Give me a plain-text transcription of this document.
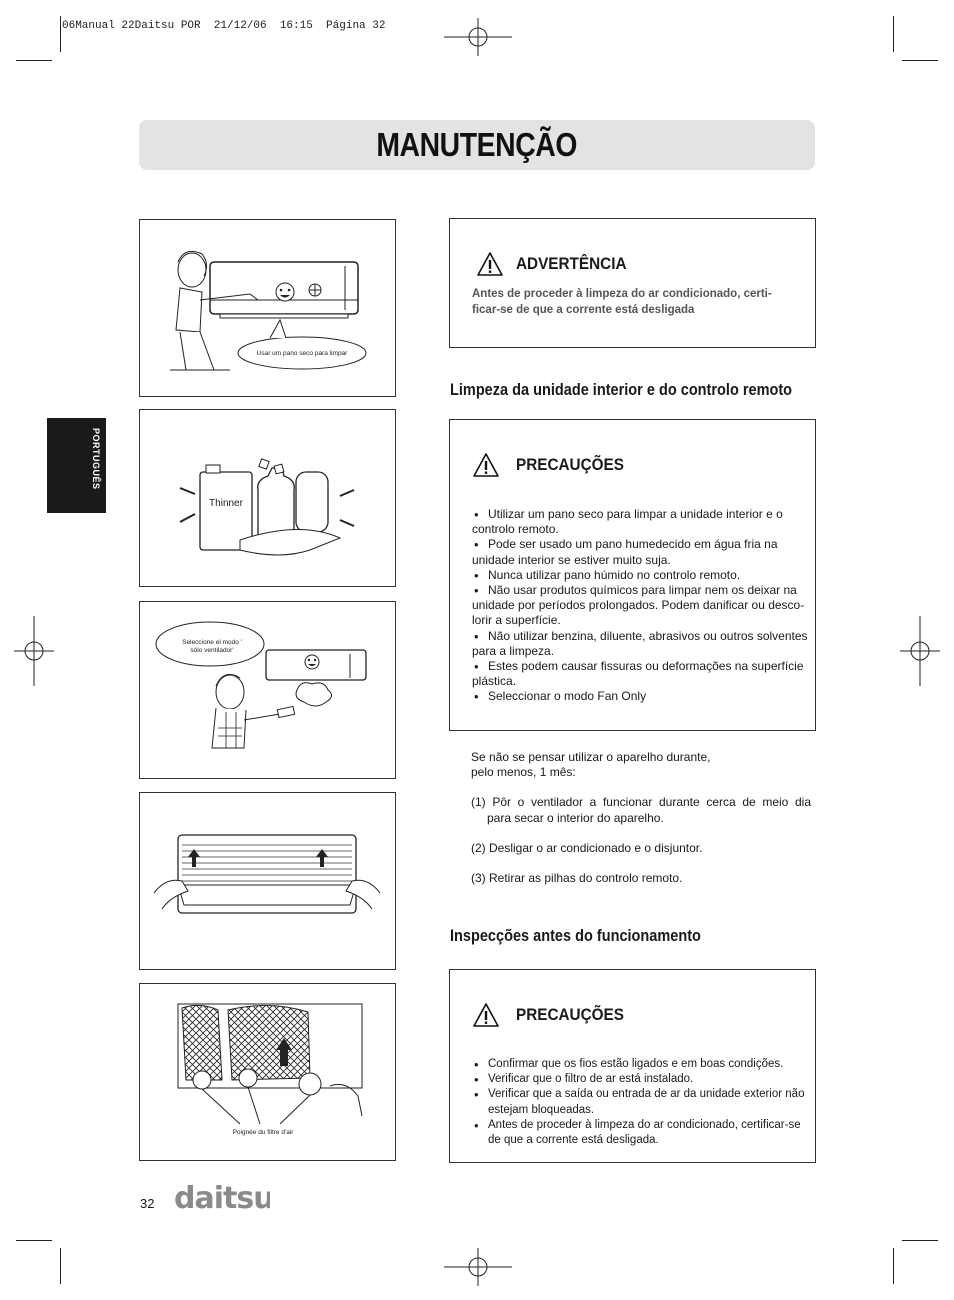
06Manual 22Daitsu POR  21/12/06  16:15  Página 32
MANUTENÇÃO
PORTUGUÊS
Usar um pano seco para limpar
Thinner
Seleccione el modo '
sólo ventilador'
Poignée du filtre d'air
ADVERTÊNCIA
Antes de proceder à limpeza do ar condicionado, certi-
ficar-se de que a corrente está desligada
Limpeza da unidade interior e do controlo remoto
PRECAUÇÕES
• Utilizar um pano seco para limpar a unidade interior e o
controlo remoto.
• Pode ser usado um pano humedecido em água fria na
unidade interior se estiver muito suja.
• Nunca utilizar pano húmido no controlo remoto.
• Não usar produtos químicos para limpar nem os deixar na
unidade por períodos prolongados. Podem danificar ou desco-
lorir a superfície.
• Não utilizar benzina, diluente, abrasivos ou outros solventes
para a limpeza.
• Estes podem causar fissuras ou deformações na superfície
plástica.
• Seleccionar o modo Fan Only
Se não se pensar utilizar o aparelho durante,
pelo menos, 1 mês:
(1) Pôr o ventilador a funcionar durante cerca de meio dia
para secar o interior do aparelho.
(2) Desligar o ar condicionado e o disjuntor.
(3) Retirar as pilhas do controlo remoto.
Inspecções antes do funcionamento
PRECAUÇÕES
• Confirmar que os fios estão ligados e em boas condições.
• Verificar que o filtro de ar está instalado.
• Verificar que a saída ou entrada de ar da unidade exterior não
estejam bloqueadas.
• Antes de proceder à limpeza do ar condicionado, certificar-se
de que a corrente está desligada.
32 daitsu
